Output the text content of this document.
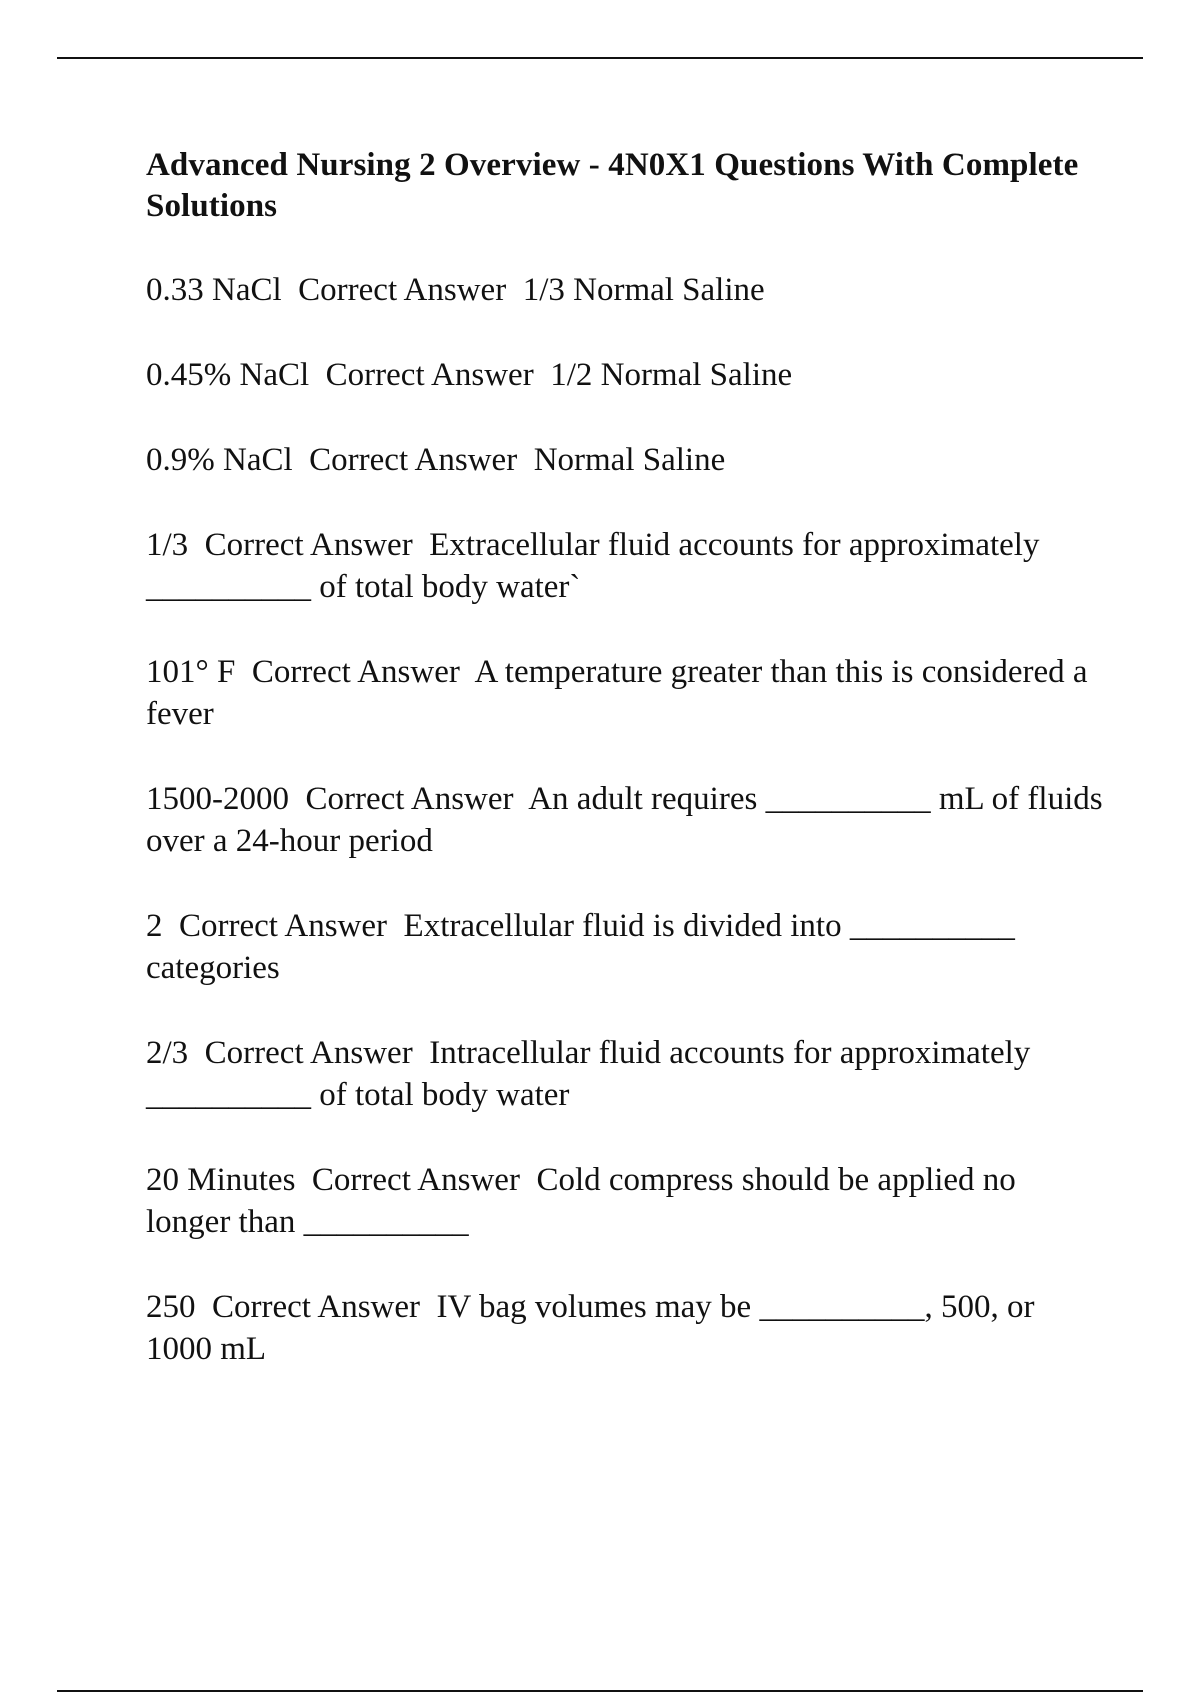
Advanced Nursing 2 Overview - 4N0X1 Questions With Complete Solutions
0.33 NaCl Correct Answer 1/3 Normal Saline
0.45% NaCl Correct Answer 1/2 Normal Saline
0.9% NaCl Correct Answer Normal Saline
1/3 Correct Answer Extracellular fluid accounts for approximately __________ of total body water`
101° F Correct Answer A temperature greater than this is considered a fever
1500-2000 Correct Answer An adult requires __________ mL of fluids over a 24-hour period
2 Correct Answer Extracellular fluid is divided into __________ categories
2/3 Correct Answer Intracellular fluid accounts for approximately __________ of total body water
20 Minutes Correct Answer Cold compress should be applied no longer than __________
250 Correct Answer IV bag volumes may be __________, 500, or 1000 mL
